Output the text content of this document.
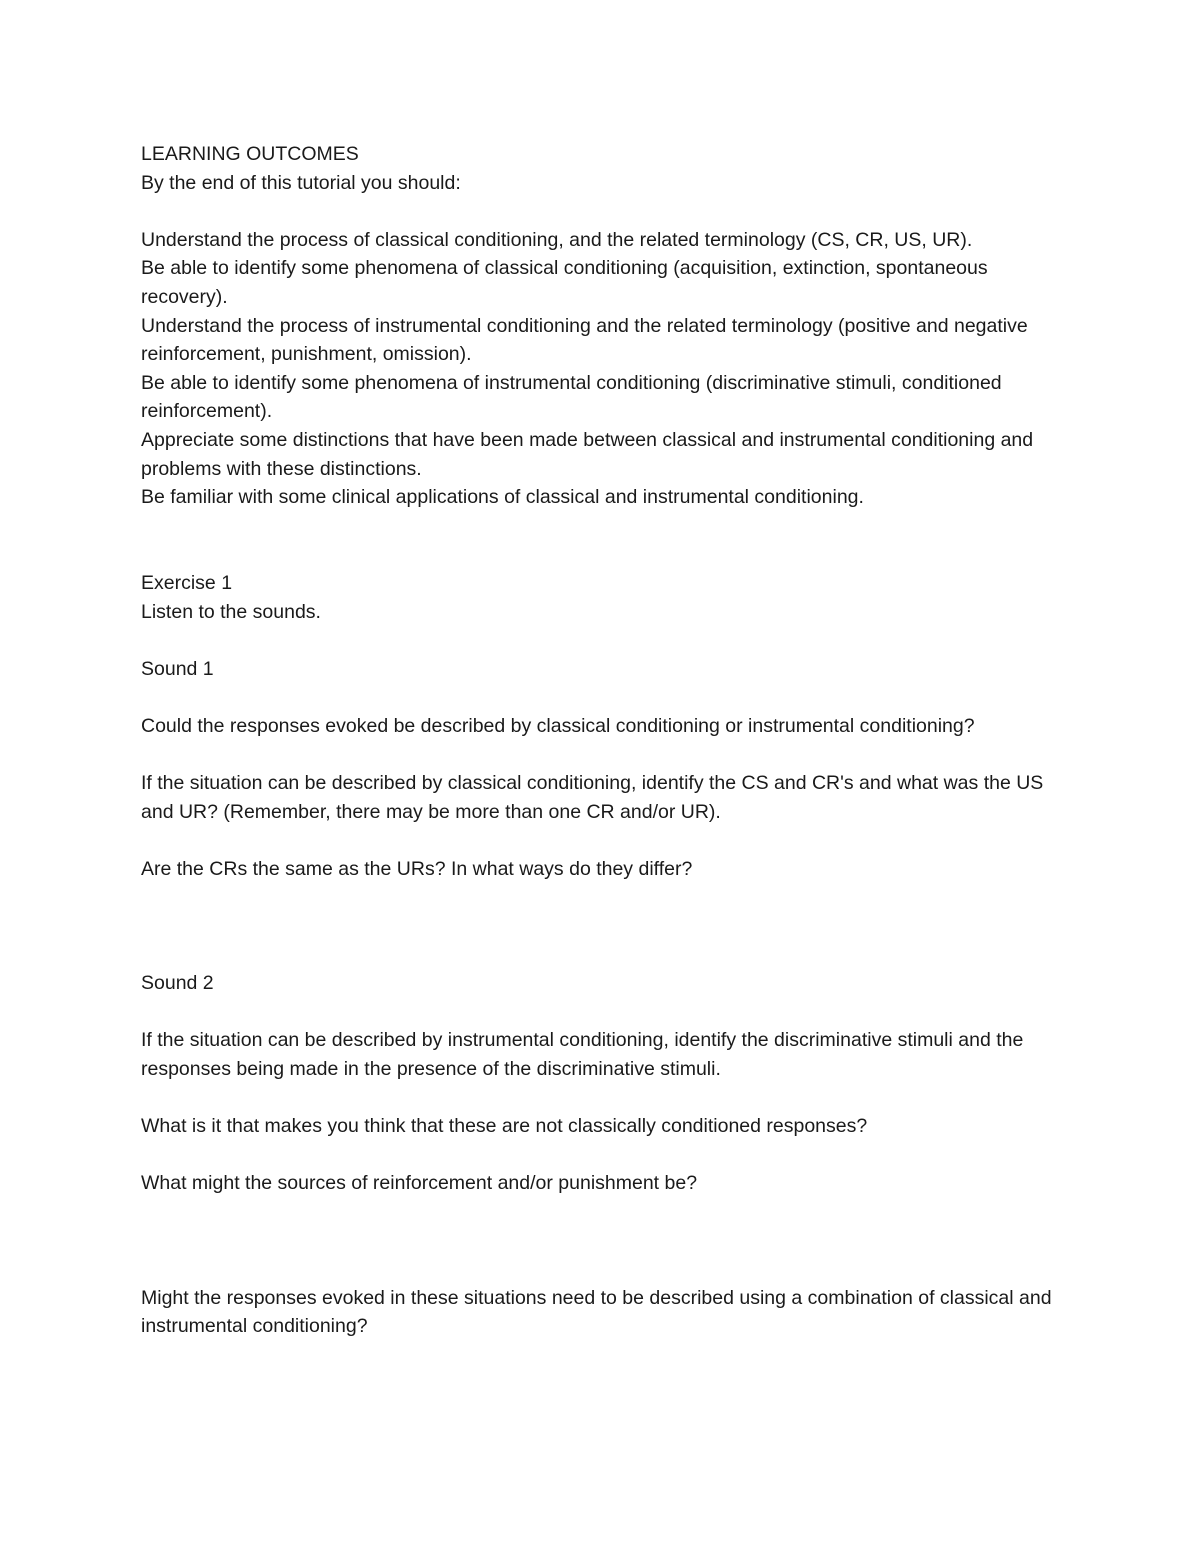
LEARNING OUTCOMES

By the end of this tutorial you should:

Understand the process of classical conditioning, and the related terminology (CS, CR, US, UR).

Be able to identify some phenomena of classical conditioning (acquisition, extinction, spontaneous recovery).

Understand the process of instrumental conditioning and the related terminology (positive and negative reinforcement, punishment, omission).

Be able to identify some phenomena of instrumental conditioning (discriminative stimuli, conditioned reinforcement).

Appreciate some distinctions that have been made between classical and instrumental conditioning and problems with these distinctions.

Be familiar with some clinical applications of classical and instrumental conditioning.

Exercise 1

Listen to the sounds.

Sound 1

Could the responses evoked be described by classical conditioning or instrumental conditioning?

If the situation can be described by classical conditioning, identify the CS and CR's and what was the US and UR? (Remember, there may be more than one CR and/or UR).

Are the CRs the same as the URs? In what ways do they differ?

Sound 2

If the situation can be described by instrumental conditioning, identify the discriminative stimuli and the responses being made in the presence of the discriminative stimuli.

What is it that makes you think that these are not classically conditioned responses?

What might the sources of reinforcement and/or punishment be?

Might the responses evoked in these situations need to be described using a combination of classical and instrumental conditioning?
